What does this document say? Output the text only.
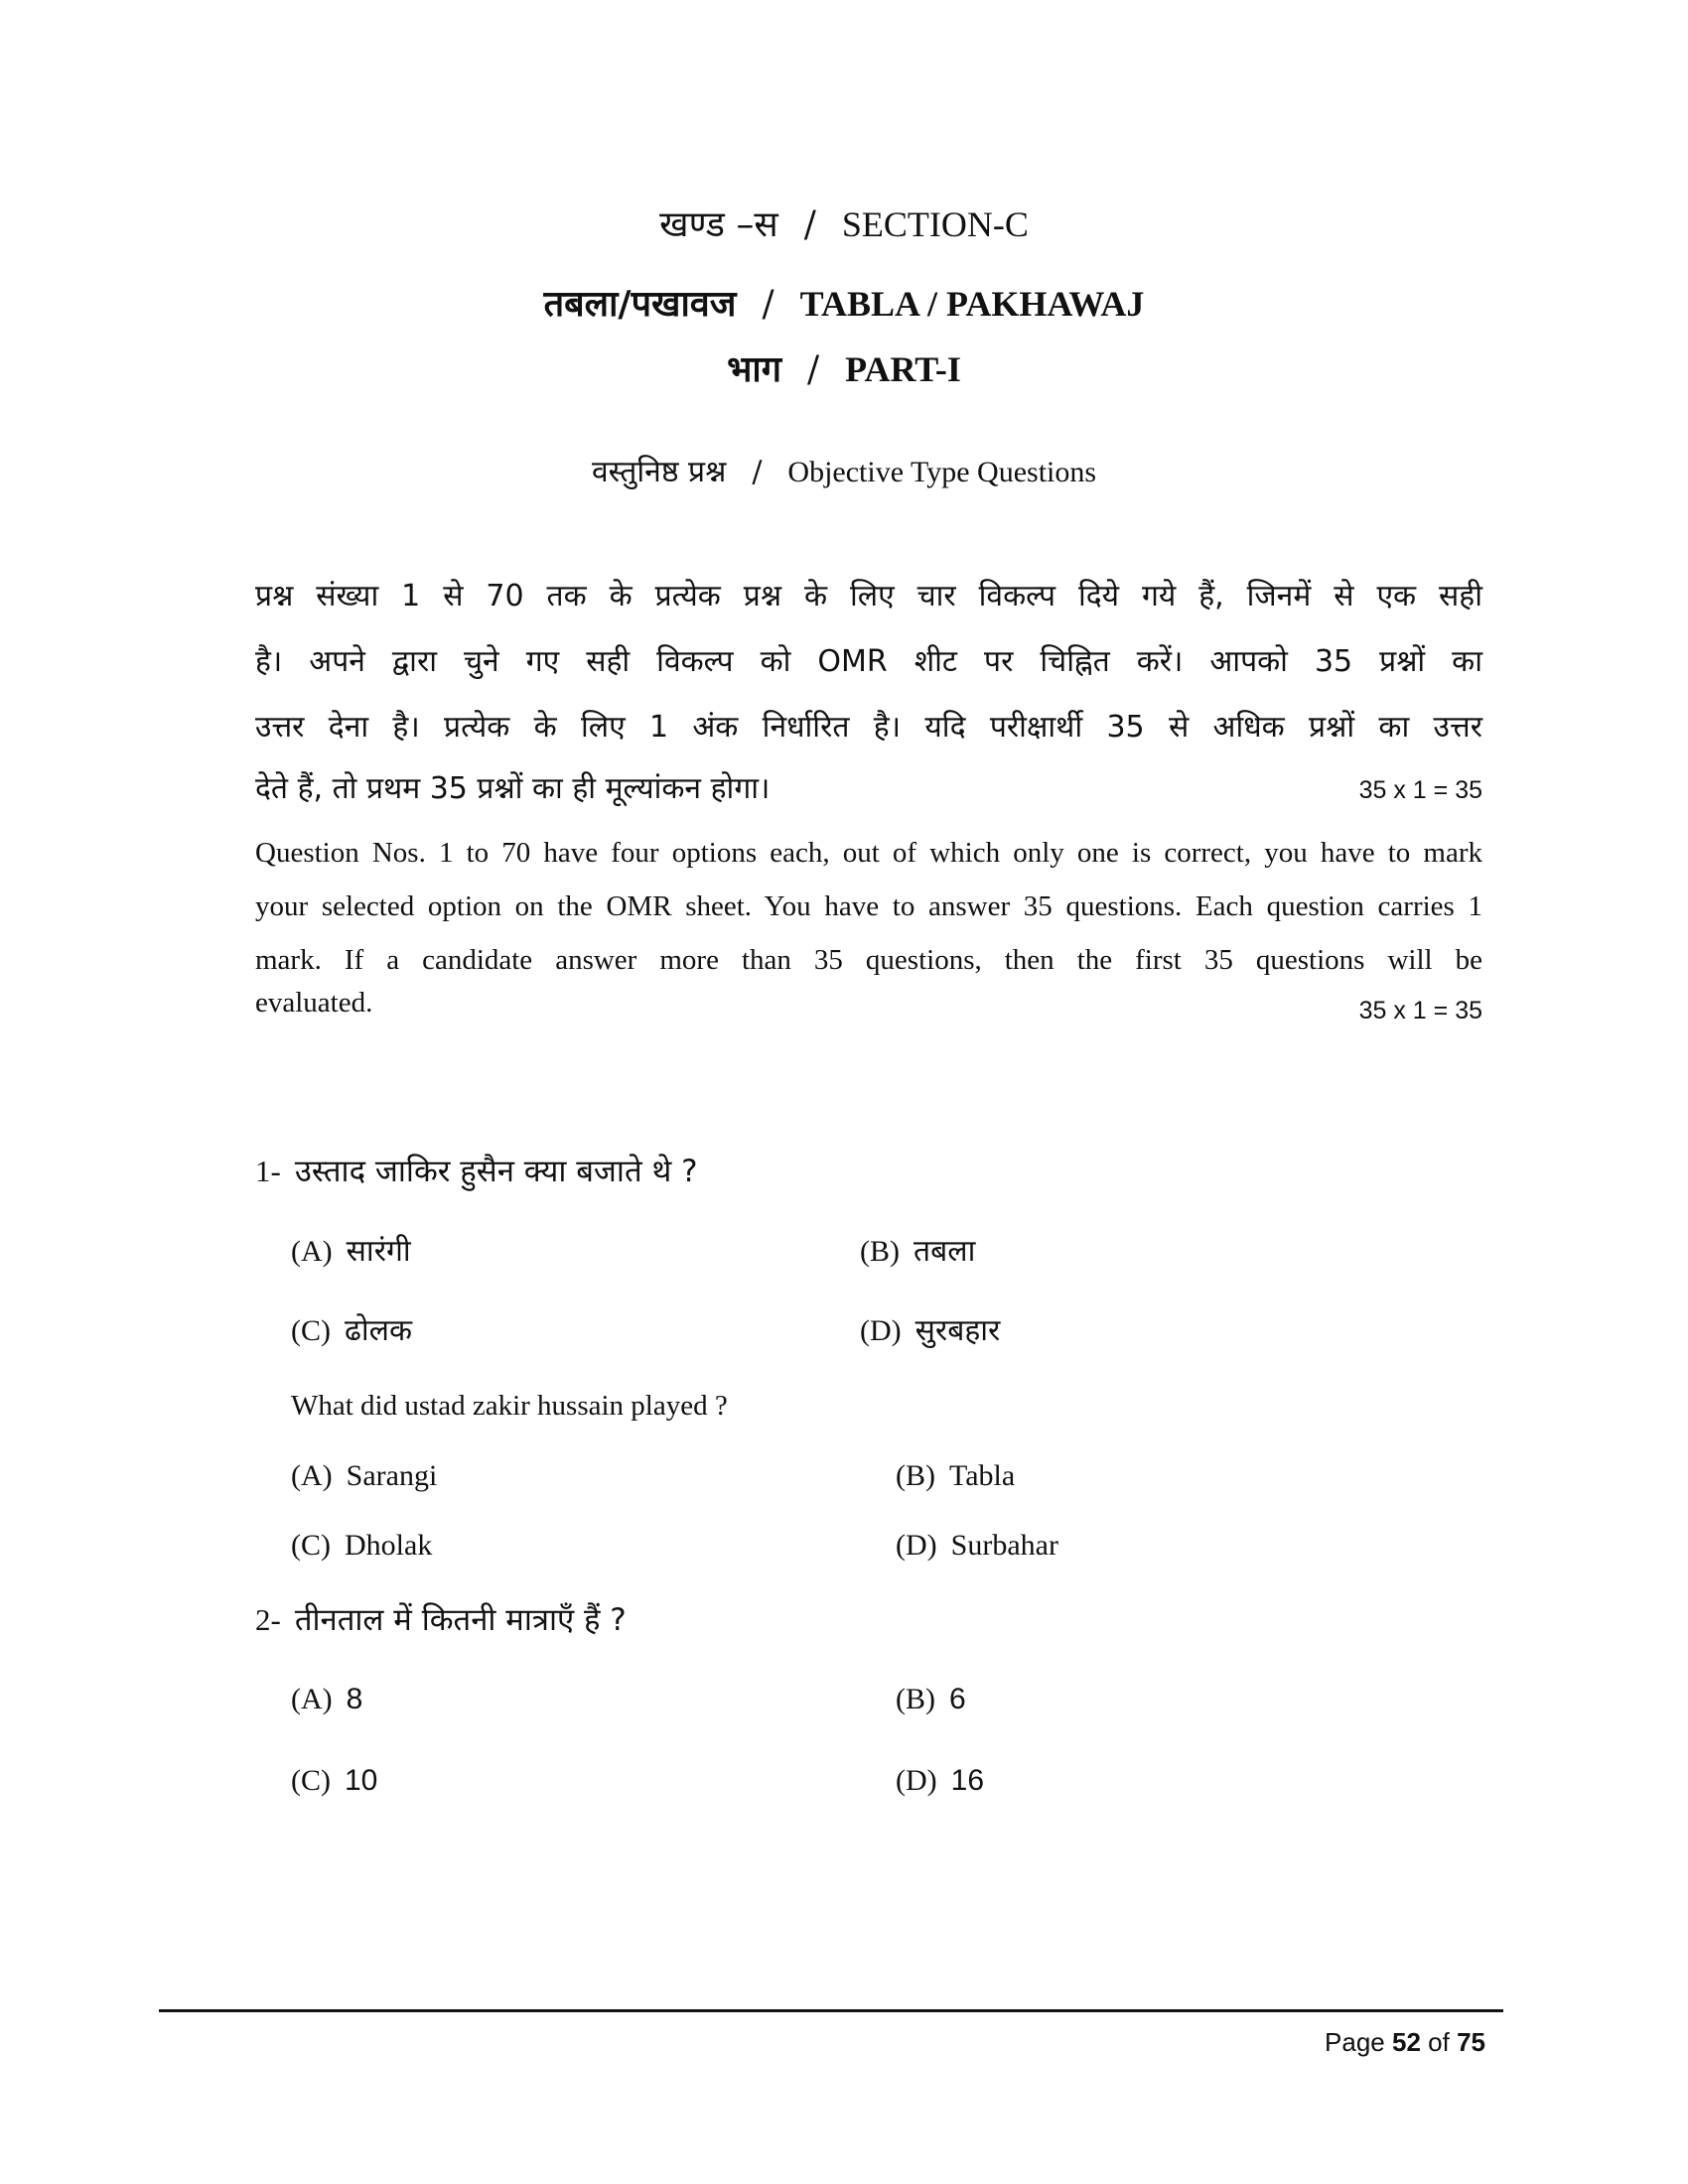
खण्ड –स / SECTION-C
तबला/पखावज / TABLA / PAKHAWAJ
भाग / PART-I
वस्तुनिष्ठ प्रश्न / Objective Type Questions
प्रश्न संख्या 1 से 70 तक के प्रत्येक प्रश्न के लिए चार विकल्प दिये गये हैं, जिनमें से एक सही
है। अपने द्वारा चुने गए सही विकल्प को OMR शीट पर चिह्नित करें। आपको 35 प्रश्नों का
उत्तर देना है। प्रत्येक के लिए 1 अंक निर्धारित है। यदि परीक्षार्थी 35 से अधिक प्रश्नों का उत्तर
देते हैं, तो प्रथम 35 प्रश्नों का ही मूल्यांकन होगा।	35 x 1 = 35
Question Nos. 1 to 70 have four options each, out of which only one is correct, you have to mark
your selected option on the OMR sheet. You have to answer 35 questions. Each question carries 1
mark. If a candidate answer more than 35 questions, then the first 35 questions will be
evaluated.	35 x 1 = 35
1- उस्ताद जाकिर हुसैन क्या बजाते थे ?
(A) सारंगी	(B) तबला
(C) ढोलक	(D) सुरबहार
What did ustad zakir hussain played ?
(A) Sarangi	(B) Tabla
(C) Dholak	(D) Surbahar
2- तीनताल में कितनी मात्राएँ हैं ?
(A) 8	(B) 6
(C) 10	(D) 16
Page 52 of 75
